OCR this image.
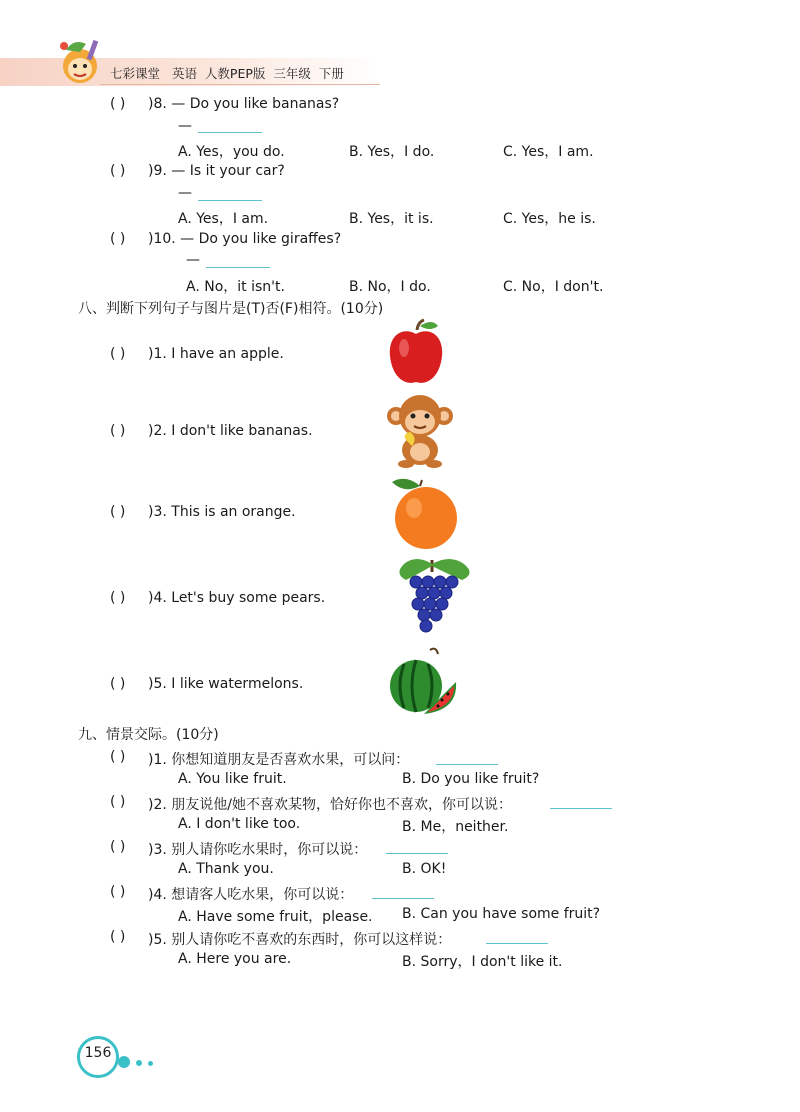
七彩课堂 英语 人教PEP版 三年级 下册
( ) )8. — Do you like bananas?
—
A. Yes，you do.	B. Yes，I do.	C. Yes，I am.
( ) )9. — Is it your car?
—
A. Yes，I am.	B. Yes，it is.	C. Yes，he is.
( ) )10. — Do you like giraffes?
—
A. No，it isn't.	B. No，I do.	C. No，I don't.
八、判断下列句子与图片是(T)否(F)相符。(10分)
( ) )1. I have an apple.
( ) )2. I don't like bananas.
( ) )3. This is an orange.
( ) )4. Let's buy some pears.
( ) )5. I like watermelons.
九、情景交际。(10分)
( ) )1. 你想知道朋友是否喜欢水果，可以问：
A. You like fruit.	B. Do you like fruit?
( ) )2. 朋友说他/她不喜欢某物，恰好你也不喜欢，你可以说：
A. I don't like too.	B. Me，neither.
( ) )3. 别人请你吃水果时，你可以说：
A. Thank you.	B. OK!
( ) )4. 想请客人吃水果，你可以说：
A. Have some fruit，please. B. Can you have some fruit?
( ) )5. 别人请你吃不喜欢的东西时，你可以这样说：
A. Here you are.	B. Sorry，I don't like it.
156
